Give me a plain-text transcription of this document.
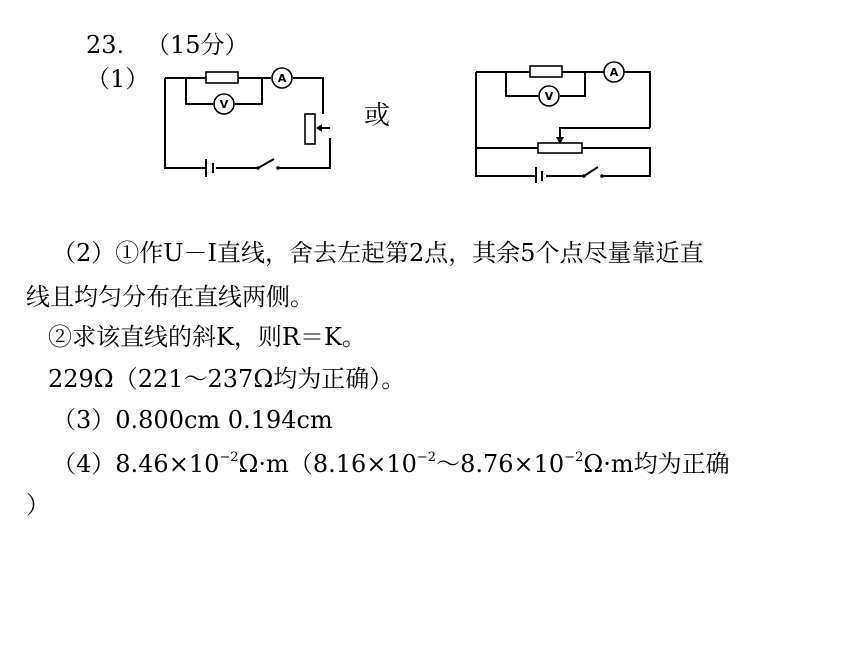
23. （15分）
（1）	A
V	或
A
V
（2）①作U－I直线，舍去左起第2点，其余5个点尽量靠近直
线且均匀分布在直线两侧。
②求该直线的斜K，则R＝K。
229Ω（221～237Ω均为正确）。
（3）0.800cm 0.194cm
$(4)8.46\times 10^{-2}\Omega\cdot m(8.16\times 10^{-2}\sim 8.76\times 10^{-2}\Omega\cdot m$均为正确
）
